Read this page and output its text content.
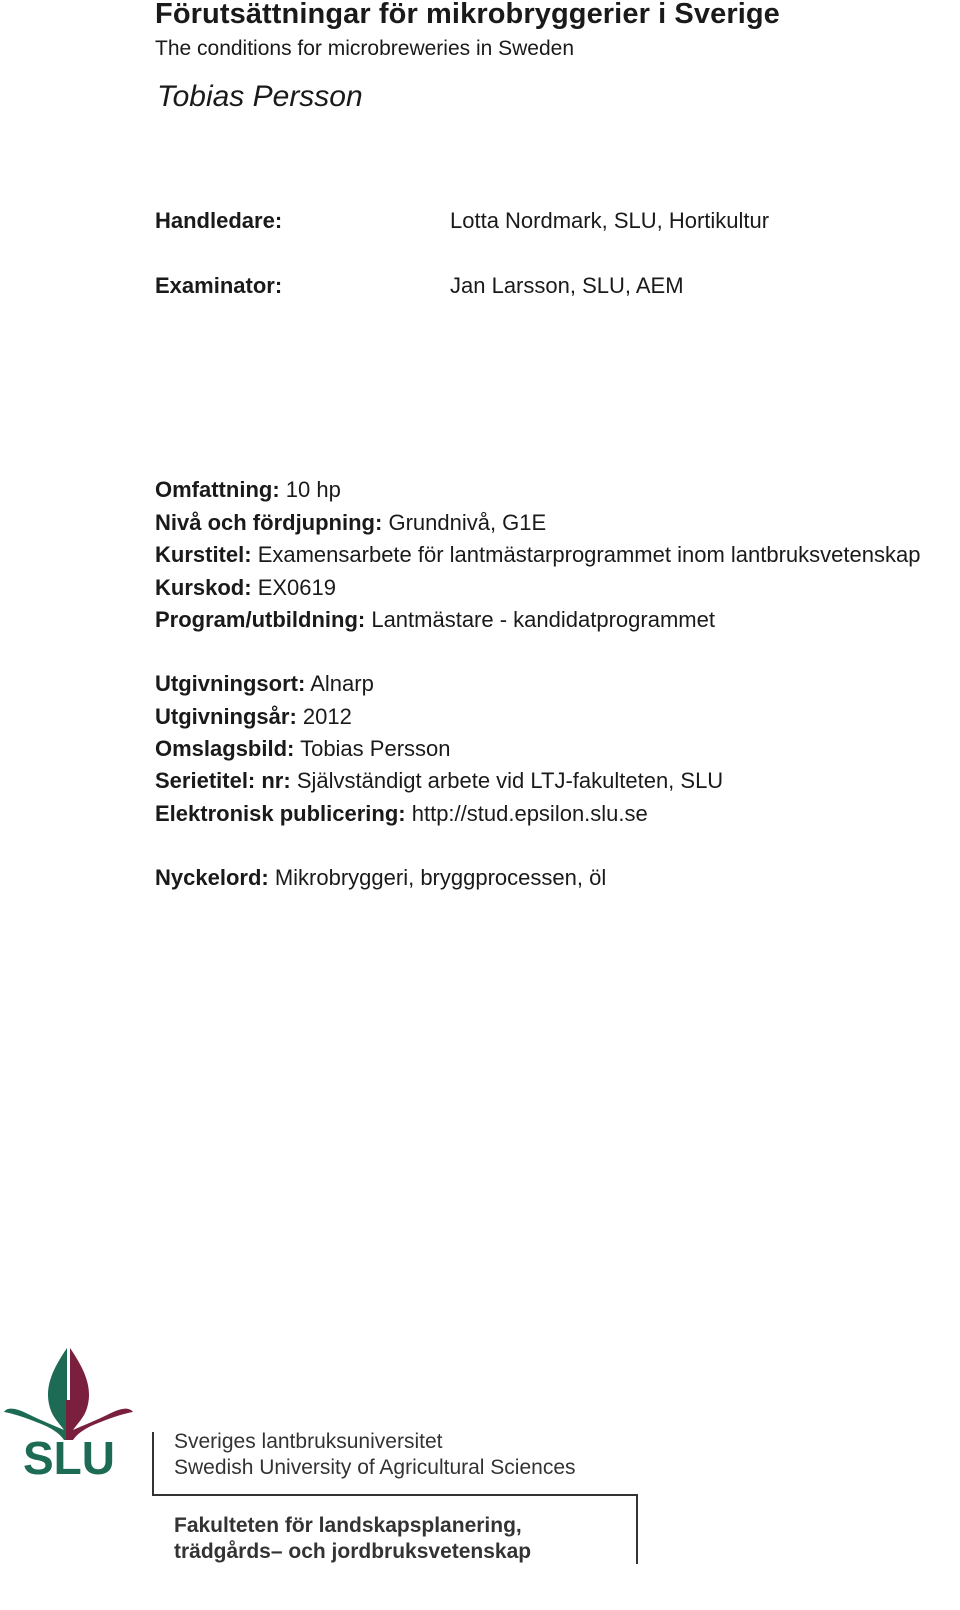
Förutsättningar för mikrobryggerier i Sverige
The conditions for microbreweries in Sweden
Tobias Persson
Handledare:	Lotta Nordmark, SLU, Hortikultur
Examinator:	Jan Larsson, SLU, AEM
Omfattning: 10 hp
Nivå och fördjupning: Grundnivå, G1E
Kurstitel: Examensarbete för lantmästarprogrammet inom lantbruksvetenskap
Kurskod: EX0619
Program/utbildning: Lantmästare - kandidatprogrammet
Utgivningsort: Alnarp
Utgivningsår: 2012
Omslagsbild: Tobias Persson
Serietitel: nr: Självständigt arbete vid LTJ-fakulteten, SLU
Elektronisk publicering: http://stud.epsilon.slu.se
Nyckelord: Mikrobryggeri, bryggprocessen, öl
SLU	Sveriges lantbruksuniversitet
Swedish University of Agricultural Sciences
Fakulteten för landskapsplanering,
trädgårds– och jordbruksvetenskap
